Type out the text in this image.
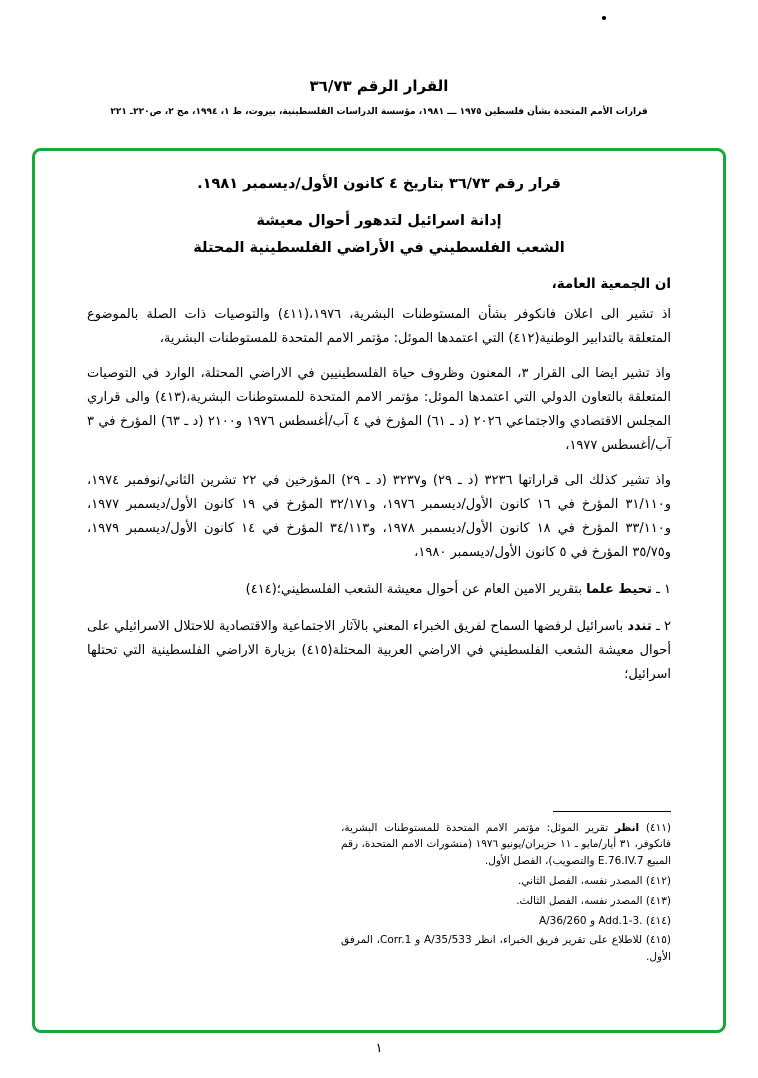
القرار الرقم ٣٦/٧٣
قرارات الأمم المتحدة بشأن فلسطين ١٩٧٥ ـــ ١٩٨١، مؤسسة الدراسات الفلسطينية، بيروت، ط ١، ١٩٩٤، مج ٢، ص٢٢٠ـ ٢٢١
قرار رقم ٣٦/٧٣ بتاريخ ٤ كانون الأول/ديسمبر ١٩٨١.
إدانة اسرائيل لتدهور أحوال معيشة
الشعب الفلسطيني في الأراضي الفلسطينية المحتلة
ان الجمعية العامة،
اذ تشير الى اعلان فانكوفر بشأن المستوطنات البشرية، ١٩٧٦،(٤١١) والتوصيات ذات الصلة بالموضوع المتعلقة بالتدابير الوطنية(٤١٢) التي اعتمدها الموئل: مؤتمر الامم المتحدة للمستوطنات البشرية،
واذ تشير ايضا الى القرار ٣، المعنون وظروف حياة الفلسطينيين في الاراضي المحتلة، الوارد في التوصيات المتعلقة بالتعاون الدولي التي اعتمدها الموئل: مؤتمر الامم المتحدة للمستوطنات البشرية،(٤١٣) والى قراري المجلس الاقتصادي والاجتماعي ٢٠٢٦ (د ـ ٦١) المؤرخ في ٤ آب/أغسطس ١٩٧٦ و٢١٠٠ (د ـ ٦٣) المؤرخ في ٣ آب/أغسطس ١٩٧٧،
واذ تشير كذلك الى قراراتها ٣٢٣٦ (د ـ ٢٩) و٣٢٣٧ (د ـ ٢٩) المؤرخين في ٢٢ تشرين الثاني/نوفمبر ١٩٧٤، و٣١/١١٠ المؤرخ في ١٦ كانون الأول/ديسمبر ١٩٧٦، و٣٢/١٧١ المؤرخ في ١٩ كانون الأول/ديسمبر ١٩٧٧، و٣٣/١١٠ المؤرخ في ١٨ كانون الأول/ديسمبر ١٩٧٨، و٣٤/١١٣ المؤرخ في ١٤ كانون الأول/ديسمبر ١٩٧٩، و٣٥/٧٥ المؤرخ في ٥ كانون الأول/ديسمبر ١٩٨٠،
١ ـ تحيط علما بتقرير الامين العام عن أحوال معيشة الشعب الفلسطيني؛(٤١٤)
٢ ـ تندد باسرائيل لرفضها السماح لفريق الخبراء المعني بالآثار الاجتماعية والاقتصادية للاحتلال الاسرائيلي على أحوال معيشة الشعب الفلسطيني في الاراضي العربية المحتلة(٤١٥) بزيارة الاراضي الفلسطينية التي تحتلها اسرائيل؛
(٤١١) انظر تقرير الموئل: مؤتمر الامم المتحدة للمستوطنات البشرية، فانكوفر، ٣١ أيار/مايو ـ ١١ حزيران/يونيو ١٩٧٦ (منشورات الامم المتحدة، رقم المبيع E.76.IV.7 والتصويب)، الفصل الأول.
(٤١٢) المصدر نفسه، الفصل الثاني.
(٤١٣) المصدر نفسه، الفصل الثالث.
(٤١٤) A/36/260 و Add.1-3.
(٤١٥) للاطلاع على تقرير فريق الخبراء، انظر A/35/533 و Corr.1، المرفق الأول.
١
